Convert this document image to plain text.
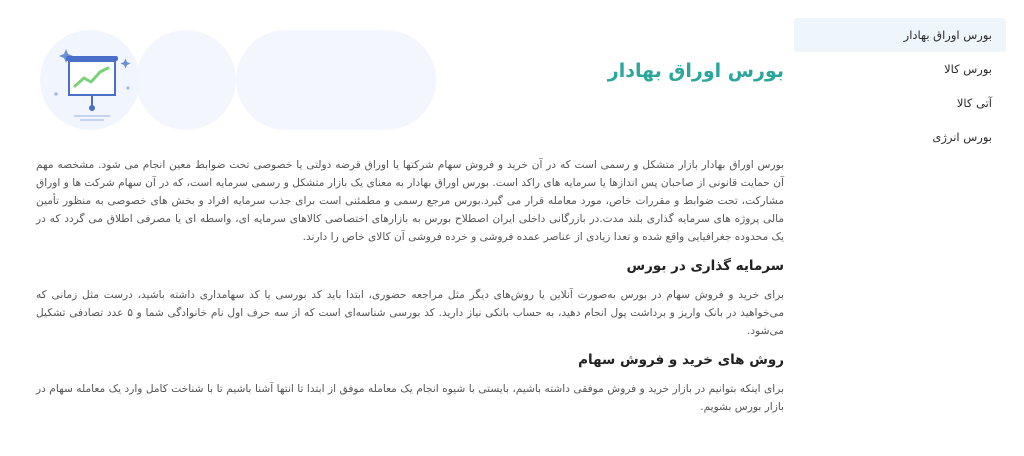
بورس اوراق بهادار
بورس کالا
آتی کالا
بورس انرژی
بورس اوراق بهادار

بورس اوراق بهادار بازار متشکل و رسمی است که در آن خرید و فروش سهام شرکتها یا اوراق قرضه دولتی یا خصوصی تحت ضوابط معین انجام می شود. مشخصه مهم آن حمایت قانونی از صاحبان پس اندازها یا سرمایه های راکد است. بورس اوراق بهادار به معنای یک بازار متشکل و رسمی سرمایه است، که در آن سهام شرکت ها و اوراق مشارکت، تحت ضوابط و مقررات خاص، مورد معامله قرار می گیرد.بورس مرجع رسمی و مطمئنی است برای جذب سرمایه افراد و بخش های خصوصی به منظور تأمین مالی پروژه های سرمایه گذاری بلند مدت.در بازرگانی داخلی ایران اصطلاح بورس به بازارهای اختصاصی کالاهای سرمایه ای، واسطه ای یا مصرفی اطلاق می گردد که در یک محدوده جغرافیایی واقع شده و تعدا زیادی از عناصر عمده فروشی و خرده فروشی آن کالای خاص را دارند.

سرمایه گذاری در بورس

برای خرید و فروش سهام در بورس به‌صورت آنلاین یا روش‌های دیگر مثل مراجعه حضوری، ابتدا باید کد بورسی یا کد سهامداری داشته باشید، درست مثل زمانی که می‌خواهید در بانک واریز و برداشت پول انجام دهید، به حساب بانکی نیاز دارید. کد بورسی شناسه‌ای است که از سه حرف اول نام خانوادگی شما و ۵ عدد تصادفی تشکیل می‌شود.

روش های خرید و فروش سهام

برای اینکه بتوانیم در بازار خرید و فروش موفقی داشته باشیم، بایستی با شیوه انجام یک معامله موفق از ابتدا تا انتها آشنا باشیم تا با شناخت کامل وارد یک معامله سهام در بازار بورس بشویم.
